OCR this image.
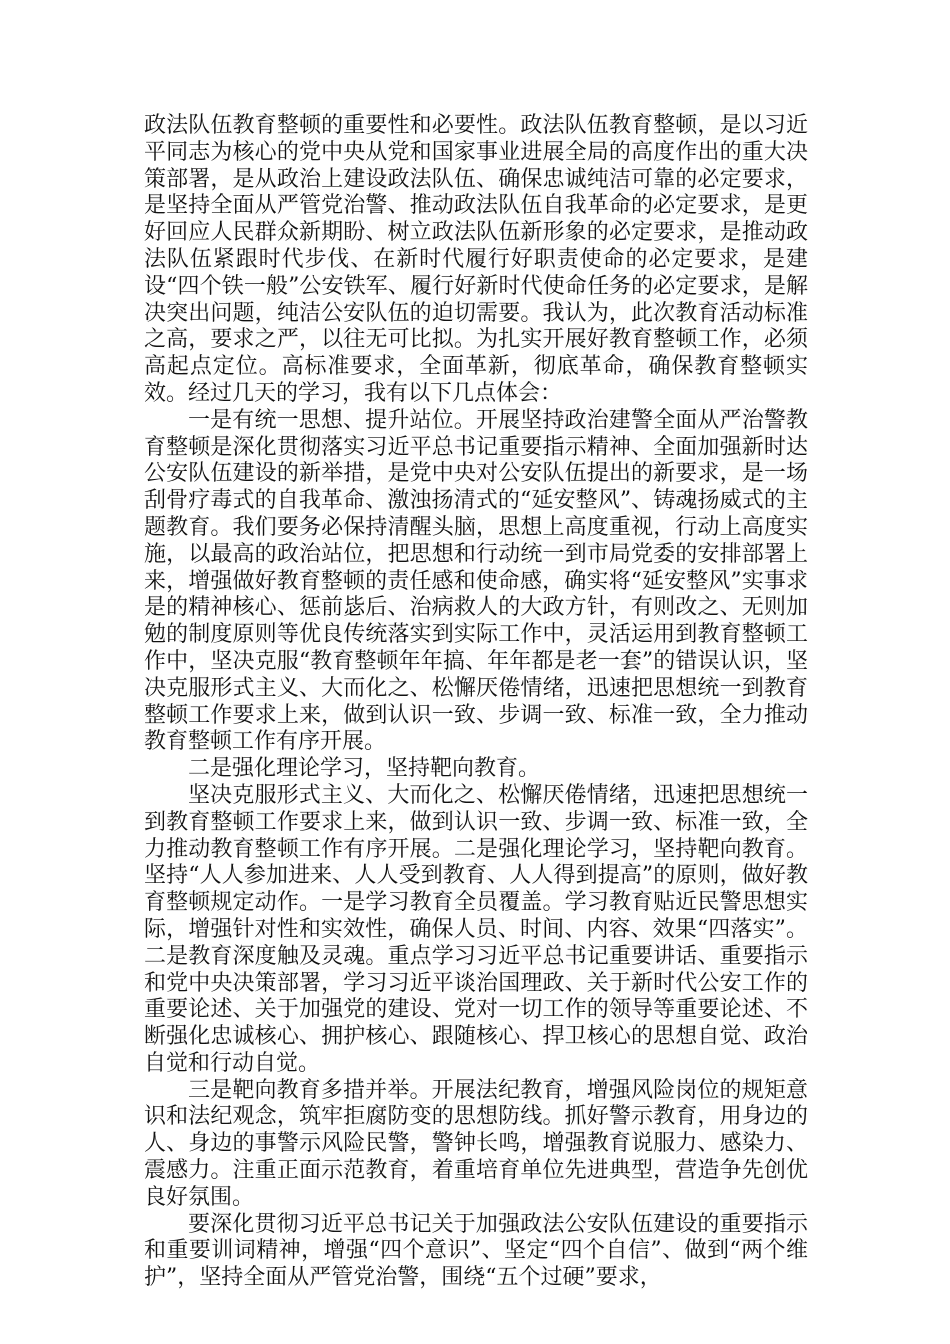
政法队伍教育整顿的重要性和必要性。政法队伍教育整顿，是以习近平同志为核心的党中央从党和国家事业进展全局的高度作出的重大决策部署，是从政治上建设政法队伍、确保忠诚纯洁可靠的必定要求，是坚持全面从严管党治警、推动政法队伍自我革命的必定要求，是更好回应人民群众新期盼、树立政法队伍新形象的必定要求，是推动政法队伍紧跟时代步伐、在新时代履行好职责使命的必定要求，是建设“四个铁一般”公安铁军、履行好新时代使命任务的必定要求，是解决突出问题，纯洁公安队伍的迫切需要。我认为，此次教育活动标准之高，要求之严，以往无可比拟。为扎实开展好教育整顿工作，必须高起点定位。高标准要求，全面革新，彻底革命，确保教育整顿实效。经过几天的学习，我有以下几点体会：

一是有统一思想、提升站位。开展坚持政治建警全面从严治警教育整顿是深化贯彻落实习近平总书记重要指示精神、全面加强新时达公安队伍建设的新举措，是党中央对公安队伍提出的新要求，是一场刮骨疗毒式的自我革命、激浊扬清式的“延安整风”、铸魂扬威式的主题教育。我们要务必保持清醒头脑，思想上高度重视，行动上高度实施，以最高的政治站位，把思想和行动统一到市局党委的安排部署上来，增强做好教育整顿的责任感和使命感，确实将“延安整风”实事求是的精神核心、惩前毖后、治病救人的大政方针，有则改之、无则加勉的制度原则等优良传统落实到实际工作中，灵活运用到教育整顿工作中，坚决克服“教育整顿年年搞、年年都是老一套”的错误认识，坚决克服形式主义、大而化之、松懈厌倦情绪，迅速把思想统一到教育整顿工作要求上来，做到认识一致、步调一致、标准一致，全力推动教育整顿工作有序开展。

二是强化理论学习，坚持靶向教育。

坚决克服形式主义、大而化之、松懈厌倦情绪，迅速把思想统一到教育整顿工作要求上来，做到认识一致、步调一致、标准一致，全力推动教育整顿工作有序开展。二是强化理论学习，坚持靶向教育。坚持“人人参加进来、人人受到教育、人人得到提高”的原则，做好教育整顿规定动作。一是学习教育全员覆盖。学习教育贴近民警思想实际，增强针对性和实效性，确保人员、时间、内容、效果“四落实”。二是教育深度触及灵魂。重点学习习近平总书记重要讲话、重要指示和党中央决策部署，学习习近平谈治国理政、关于新时代公安工作的重要论述、关于加强党的建设、党对一切工作的领导等重要论述、不断强化忠诚核心、拥护核心、跟随核心、捍卫核心的思想自觉、政治自觉和行动自觉。

三是靶向教育多措并举。开展法纪教育，增强风险岗位的规矩意识和法纪观念，筑牢拒腐防变的思想防线。抓好警示教育，用身边的人、身边的事警示风险民警，警钟长鸣，增强教育说服力、感染力、震感力。注重正面示范教育，着重培育单位先进典型，营造争先创优良好氛围。

要深化贯彻习近平总书记关于加强政法公安队伍建设的重要指示和重要训词精神，增强“四个意识”、坚定“四个自信”、做到“两个维护”，坚持全面从严管党治警，围绕“五个过硬”要求，
